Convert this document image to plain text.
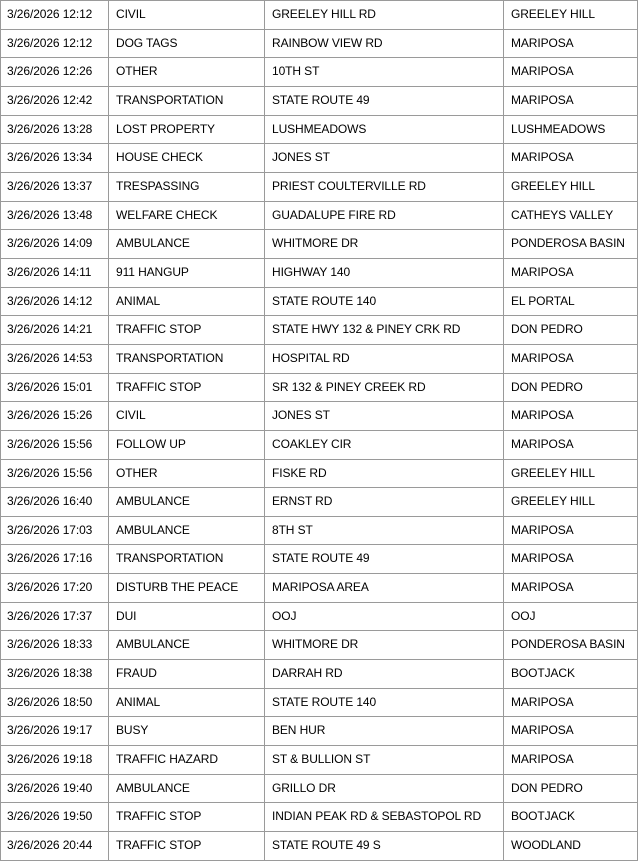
3/26/2026 12:12	CIVIL	GREELEY HILL RD	GREELEY HILL
3/26/2026 12:12	DOG TAGS	RAINBOW VIEW RD	MARIPOSA
3/26/2026 12:26	OTHER	10TH ST	MARIPOSA
3/26/2026 12:42	TRANSPORTATION	STATE ROUTE 49	MARIPOSA
3/26/2026 13:28	LOST PROPERTY	LUSHMEADOWS	LUSHMEADOWS
3/26/2026 13:34	HOUSE CHECK	JONES ST	MARIPOSA
3/26/2026 13:37	TRESPASSING	PRIEST COULTERVILLE RD	GREELEY HILL
3/26/2026 13:48	WELFARE CHECK	GUADALUPE FIRE RD	CATHEYS VALLEY
3/26/2026 14:09	AMBULANCE	WHITMORE DR	PONDEROSA BASIN
3/26/2026 14:11	911 HANGUP	HIGHWAY 140	MARIPOSA
3/26/2026 14:12	ANIMAL	STATE ROUTE 140	EL PORTAL
3/26/2026 14:21	TRAFFIC STOP	STATE HWY 132 & PINEY CRK RD	DON PEDRO
3/26/2026 14:53	TRANSPORTATION	HOSPITAL RD	MARIPOSA
3/26/2026 15:01	TRAFFIC STOP	SR 132 & PINEY CREEK RD	DON PEDRO
3/26/2026 15:26	CIVIL	JONES ST	MARIPOSA
3/26/2026 15:56	FOLLOW UP	COAKLEY CIR	MARIPOSA
3/26/2026 15:56	OTHER	FISKE RD	GREELEY HILL
3/26/2026 16:40	AMBULANCE	ERNST RD	GREELEY HILL
3/26/2026 17:03	AMBULANCE	8TH ST	MARIPOSA
3/26/2026 17:16	TRANSPORTATION	STATE ROUTE 49	MARIPOSA
3/26/2026 17:20	DISTURB THE PEACE	MARIPOSA AREA	MARIPOSA
3/26/2026 17:37	DUI	OOJ	OOJ
3/26/2026 18:33	AMBULANCE	WHITMORE DR	PONDEROSA BASIN
3/26/2026 18:38	FRAUD	DARRAH RD	BOOTJACK
3/26/2026 18:50	ANIMAL	STATE ROUTE 140	MARIPOSA
3/26/2026 19:17	BUSY	BEN HUR	MARIPOSA
3/26/2026 19:18	TRAFFIC HAZARD	ST & BULLION ST	MARIPOSA
3/26/2026 19:40	AMBULANCE	GRILLO DR	DON PEDRO
3/26/2026 19:50	TRAFFIC STOP	INDIAN PEAK RD & SEBASTOPOL RD	BOOTJACK
3/26/2026 20:44	TRAFFIC STOP	STATE ROUTE 49 S	WOODLAND
